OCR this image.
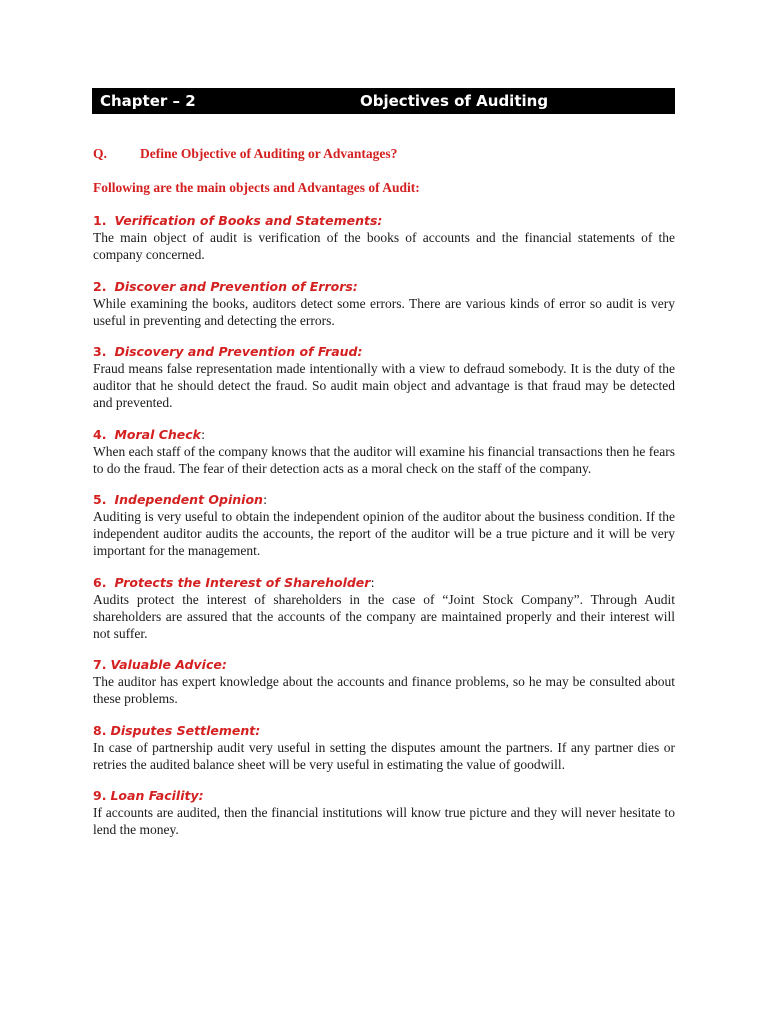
Chapter – 2	Objectives of Auditing
Q. Define Objective of Auditing or Advantages?
Following are the main objects and Advantages of Audit:
1. Verification of Books and Statements:
The main object of audit is verification of the books of accounts and the financial statements of the company concerned.
2. Discover and Prevention of Errors:
While examining the books, auditors detect some errors. There are various kinds of error so audit is very useful in preventing and detecting the errors.
3. Discovery and Prevention of Fraud:
Fraud means false representation made intentionally with a view to defraud somebody. It is the duty of the auditor that he should detect the fraud. So audit main object and advantage is that fraud may be detected and prevented.
4. Moral Check:
When each staff of the company knows that the auditor will examine his financial transactions then he fears to do the fraud. The fear of their detection acts as a moral check on the staff of the company.
5. Independent Opinion:
Auditing is very useful to obtain the independent opinion of the auditor about the business condition. If the independent auditor audits the accounts, the report of the auditor will be a true picture and it will be very important for the management.
6. Protects the Interest of Shareholder:
Audits protect the interest of shareholders in the case of “Joint Stock Company”. Through Audit shareholders are assured that the accounts of the company are maintained properly and their interest will not suffer.
7. Valuable Advice:
The auditor has expert knowledge about the accounts and finance problems, so he may be consulted about these problems.
8. Disputes Settlement:
In case of partnership audit very useful in setting the disputes amount the partners. If any partner dies or retries the audited balance sheet will be very useful in estimating the value of goodwill.
9. Loan Facility:
If accounts are audited, then the financial institutions will know true picture and they will never hesitate to lend the money.
